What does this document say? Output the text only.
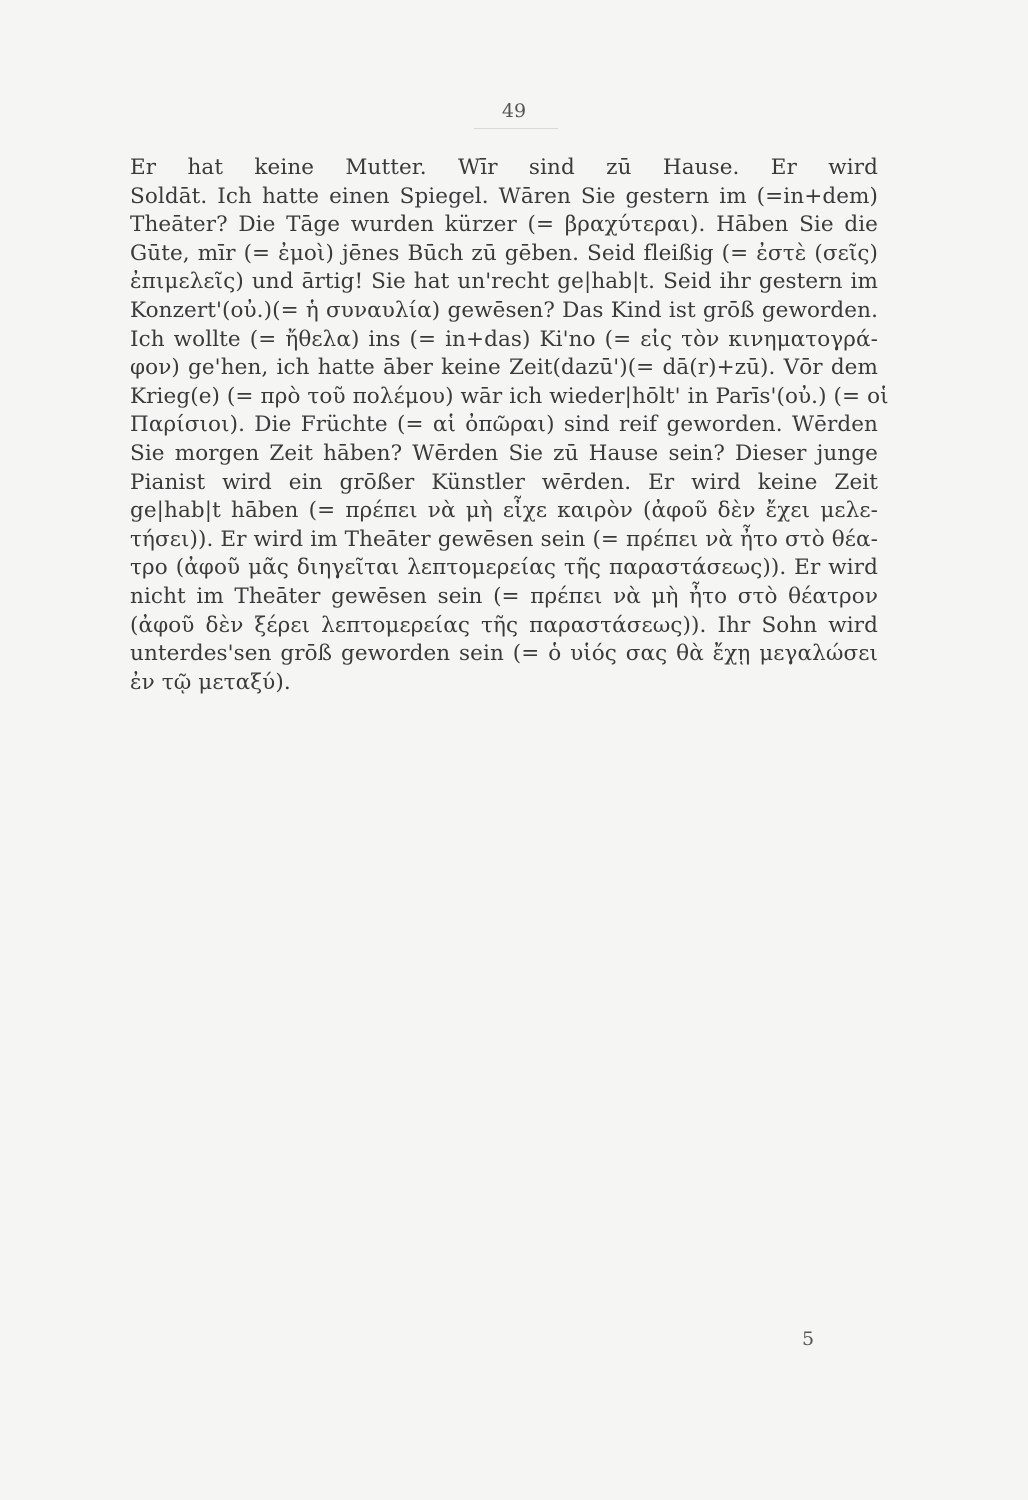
49
Er hat keine Mutter. Wīr sind zū Hause. Er wird
Soldāt. Ich hatte einen Spiegel. Wāren Sie gestern im (=in+dem)
Theāter? Die Tāge wurden kürzer (= βραχύτεραι). Hāben Sie die
Gūte, mīr (= ἐμοὶ) jēnes Būch zū gēben. Seid fleißig (= ἐστὲ (σεῖς)
ἐπιμελεῖς) und ārtig! Sie hat un'recht ge|hab|t. Seid ihr gestern im
Konzert'(οὐ.)(= ἡ συναυλία) gewēsen? Das Kind ist grōß geworden.
Ich wollte (= ἤθελα) ins (= in+das) Ki'no (= εἰς τὸν κινηματογρά-
φον) ge'hen, ich hatte āber keine Zeit(dazū')(= dā(r)+zū). Vōr dem
Krieg(e) (= πρὸ τοῦ πολέμου) wār ich wieder|hōlt' in Parīs'(οὐ.) (= οἱ
Παρίσιοι). Die Früchte (= αἱ ὀπῶραι) sind reif geworden. Wērden
Sie morgen Zeit hāben? Wērden Sie zū Hause sein? Dieser junge
Pianist wird ein grōßer Künstler wērden. Er wird keine Zeit
ge|hab|t hāben (= πρέπει νὰ μὴ εἶχε καιρὸν (ἀφοῦ δὲν ἔχει μελε-
τήσει)). Er wird im Theāter gewēsen sein (= πρέπει νὰ ἦτο στὸ θέα-
τρο (ἀφοῦ μᾶς διηγεῖται λεπτομερείας τῆς παραστάσεως)). Er wird
nicht im Theāter gewēsen sein (= πρέπει νὰ μὴ ἦτο στὸ θέατρον
(ἀφοῦ δὲν ξέρει λεπτομερείας τῆς παραστάσεως)). Ihr Sohn wird
unterdes'sen grōß geworden sein (= ὁ υἱός σας θὰ ἔχῃ μεγαλώσει
ἐν τῷ μεταξύ).
5
